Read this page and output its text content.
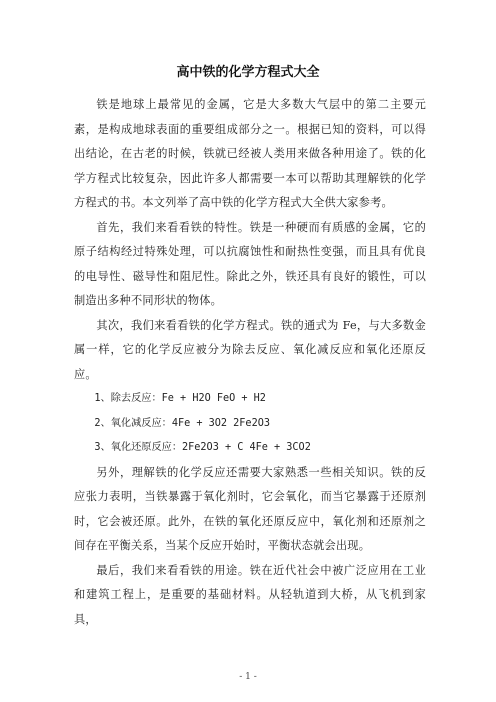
高中铁的化学方程式大全

铁是地球上最常见的金属，它是大多数大气层中的第二主要元素，是构成地球表面的重要组成部分之一。根据已知的资料，可以得出结论，在古老的时候，铁就已经被人类用来做各种用途了。铁的化学方程式比较复杂，因此许多人都需要一本可以帮助其理解铁的化学方程式的书。本文列举了高中铁的化学方程式大全供大家参考。

首先，我们来看看铁的特性。铁是一种硬而有质感的金属，它的原子结构经过特殊处理，可以抗腐蚀性和耐热性变强，而且具有优良的电导性、磁导性和阻尼性。除此之外，铁还具有良好的锻性，可以制造出多种不同形状的物体。

其次，我们来看看铁的化学方程式。铁的通式为 Fe，与大多数金属一样，它的化学反应被分为除去反应、氧化减反应和氧化还原反应。

1、除去反应：Fe + H2O FeO + H2

2、氧化减反应：4Fe + 3O2 2Fe2O3

3、氧化还原反应：2Fe2O3 + C 4Fe + 3CO2

另外，理解铁的化学反应还需要大家熟悉一些相关知识。铁的反应张力表明，当铁暴露于氧化剂时，它会氧化，而当它暴露于还原剂时，它会被还原。此外，在铁的氧化还原反应中，氧化剂和还原剂之间存在平衡关系，当某个反应开始时，平衡状态就会出现。

最后，我们来看看铁的用途。铁在近代社会中被广泛应用在工业和建筑工程上，是重要的基础材料。从轻轨道到大桥，从飞机到家具，

- 1 -
